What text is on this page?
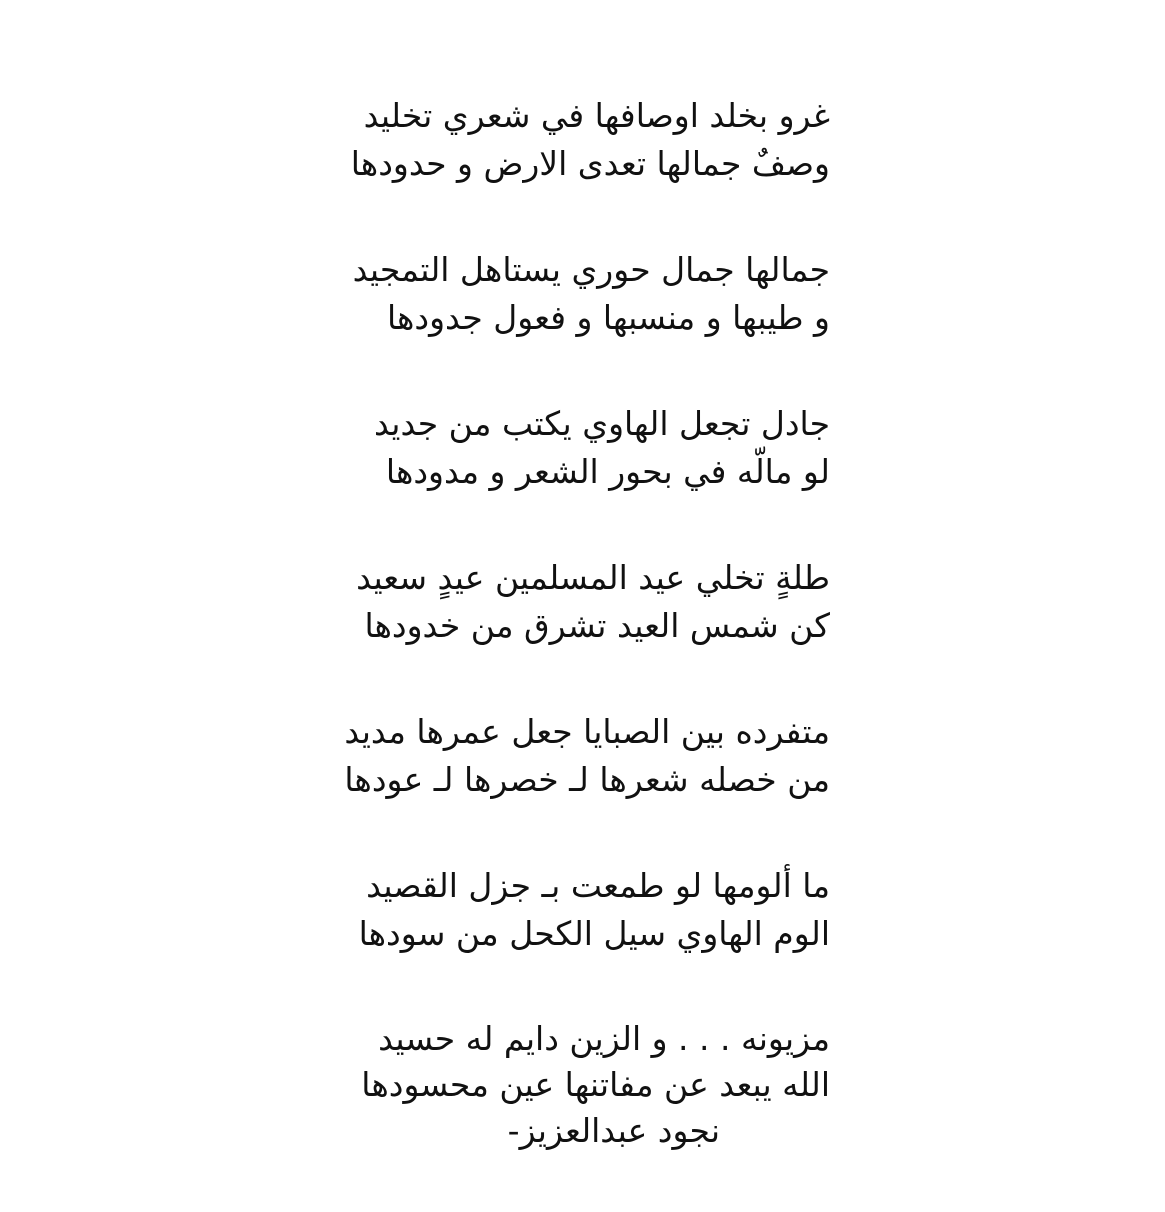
غرو بخلد اوصافها في شعري تخليد
وصفٌ جمالها تعدى الارض و حدودها
جمالها جمال حوري يستاهل التمجيد
و طيبها و منسبها و فعول جدودها
جادل تجعل الهاوي يكتب من جديد
لو مالّه في بحور الشعر و مدودها
طلةٍ تخلي عيد المسلمين عيدٍ سعيد
كن شمس العيد تشرق من خدودها
متفرده بين الصبايا جعل عمرها مديد
من خصله شعرها لـ خصرها لـ عودها
ما ألومها لو طمعت بـ جزل القصيد
الوم الهاوي سيل الكحل من سودها
مزيونه . . . و الزين دايم له حسيد
الله يبعد عن مفاتنها عين محسودها
نجود عبدالعزيز-
